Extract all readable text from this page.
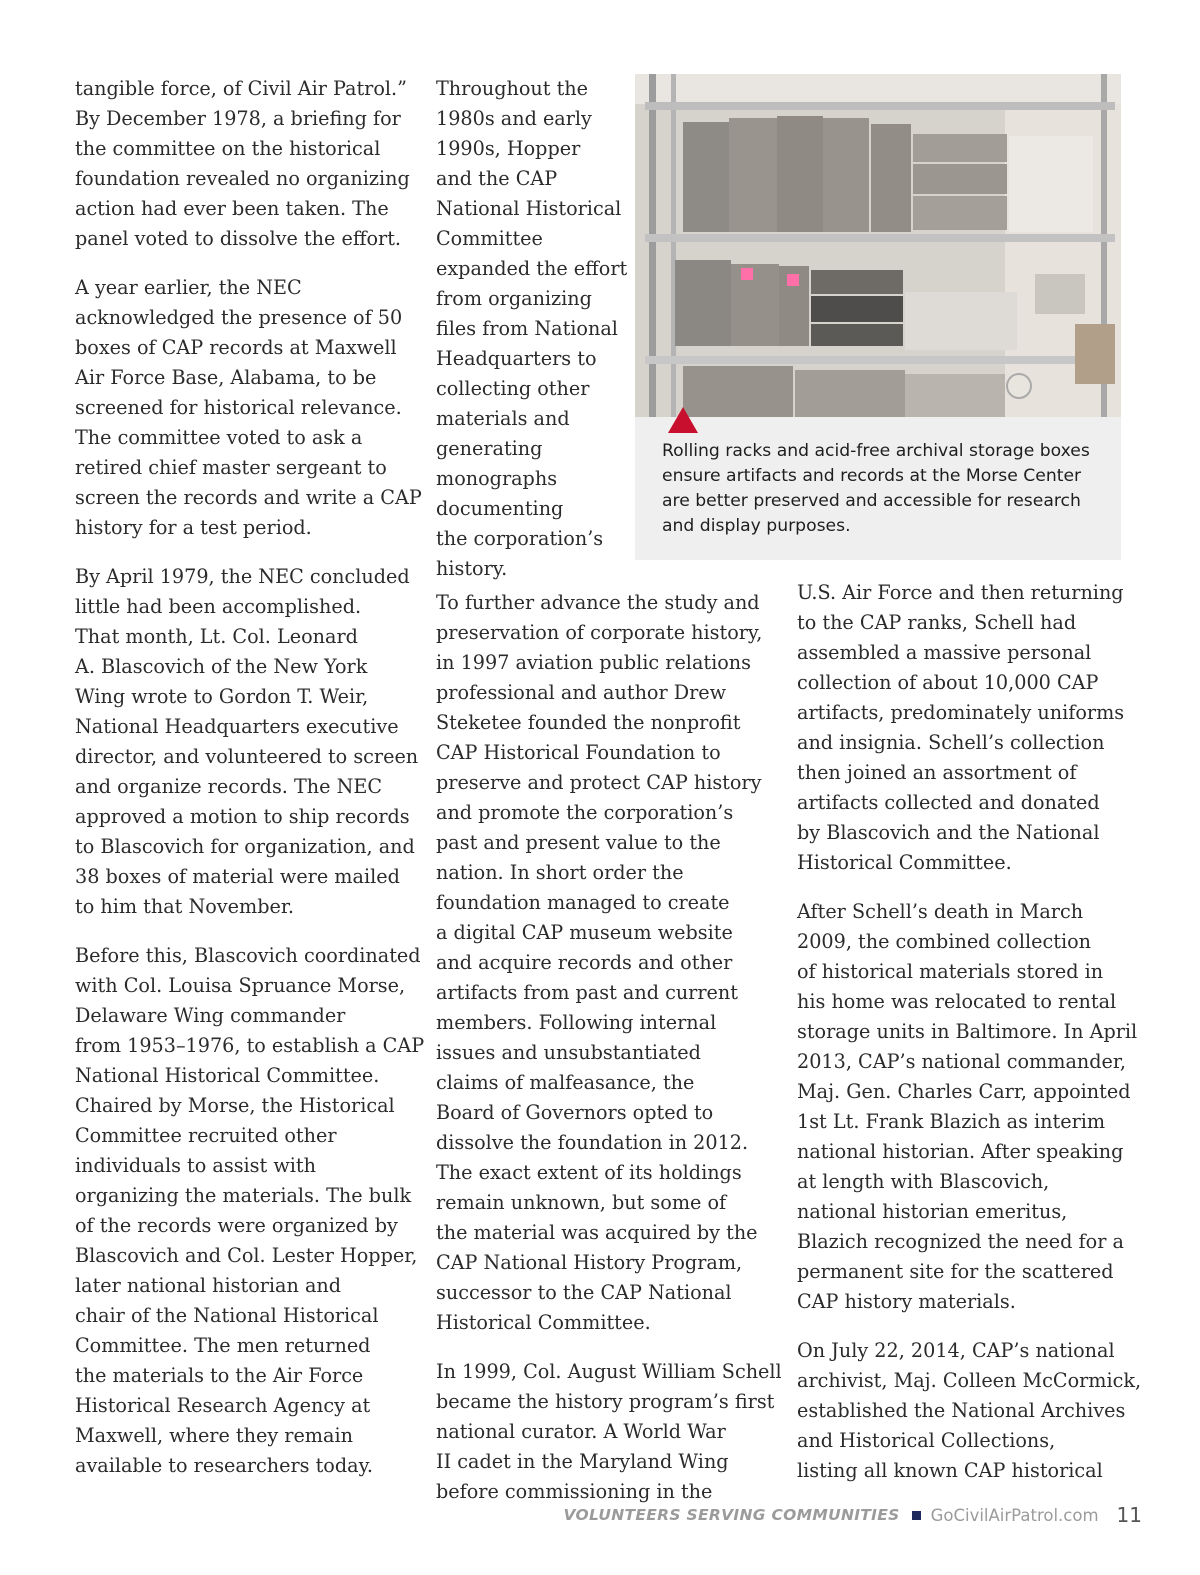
tangible force, of Civil Air Patrol.”
By December 1978, a briefing for
the committee on the historical
foundation revealed no organizing
action had ever been taken. The
panel voted to dissolve the effort.

A year earlier, the NEC
acknowledged the presence of 50
boxes of CAP records at Maxwell
Air Force Base, Alabama, to be
screened for historical relevance.
The committee voted to ask a
retired chief master sergeant to
screen the records and write a CAP
history for a test period.

By April 1979, the NEC concluded
little had been accomplished.
That month, Lt. Col. Leonard
A. Blascovich of the New York
Wing wrote to Gordon T. Weir,
National Headquarters executive
director, and volunteered to screen
and organize records. The NEC
approved a motion to ship records
to Blascovich for organization, and
38 boxes of material were mailed
to him that November.

Before this, Blascovich coordinated
with Col. Louisa Spruance Morse,
Delaware Wing commander
from 1953–1976, to establish a CAP
National Historical Committee.
Chaired by Morse, the Historical
Committee recruited other
individuals to assist with
organizing the materials. The bulk
of the records were organized by
Blascovich and Col. Lester Hopper,
later national historian and
chair of the National Historical
Committee. The men returned
the materials to the Air Force
Historical Research Agency at
Maxwell, where they remain
available to researchers today.

Throughout the
1980s and early
1990s, Hopper
and the CAP
National Historical
Committee
expanded the effort
from organizing
files from National
Headquarters to
collecting other
materials and
generating
monographs
documenting
the corporation’s
history.

Rolling racks and acid-free archival storage boxes
ensure artifacts and records at the Morse Center
are better preserved and accessible for research
and display purposes.

To further advance the study and
preservation of corporate history,
in 1997 aviation public relations
professional and author Drew
Steketee founded the nonprofit
CAP Historical Foundation to
preserve and protect CAP history
and promote the corporation’s
past and present value to the
nation. In short order the
foundation managed to create
a digital CAP museum website
and acquire records and other
artifacts from past and current
members. Following internal
issues and unsubstantiated
claims of malfeasance, the
Board of Governors opted to
dissolve the foundation in 2012.
The exact extent of its holdings
remain unknown, but some of
the material was acquired by the
CAP National History Program,
successor to the CAP National
Historical Committee.

In 1999, Col. August William Schell
became the history program’s first
national curator. A World War
II cadet in the Maryland Wing
before commissioning in the

U.S. Air Force and then returning
to the CAP ranks, Schell had
assembled a massive personal
collection of about 10,000 CAP
artifacts, predominately uniforms
and insignia. Schell’s collection
then joined an assortment of
artifacts collected and donated
by Blascovich and the National
Historical Committee.

After Schell’s death in March
2009, the combined collection
of historical materials stored in
his home was relocated to rental
storage units in Baltimore. In April
2013, CAP’s national commander,
Maj. Gen. Charles Carr, appointed
1st Lt. Frank Blazich as interim
national historian. After speaking
at length with Blascovich,
national historian emeritus,
Blazich recognized the need for a
permanent site for the scattered
CAP history materials.

On July 22, 2014, CAP’s national
archivist, Maj. Colleen McCormick,
established the National Archives
and Historical Collections,
listing all known CAP historical

VOLUNTEERS SERVING COMMUNITIES GoCivilAirPatrol.com 11
